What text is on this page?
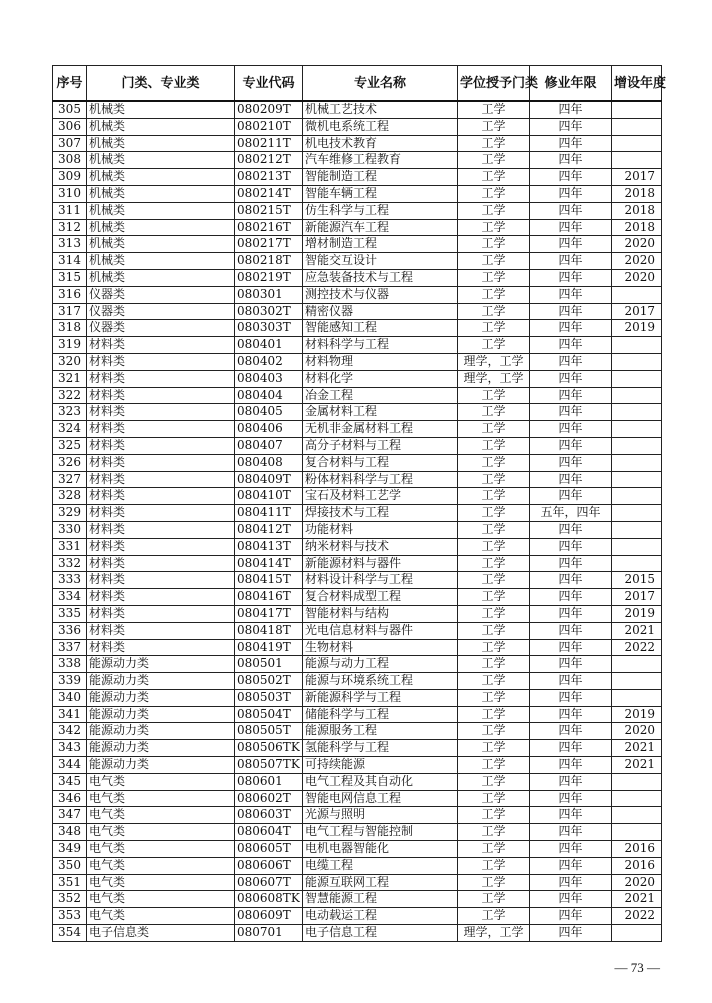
序号	门类、专业类	专业代码	专业名称	学位授予门类	修业年限	增设年度
305	机械类	080209T	机械工艺技术	工学	四年	
306	机械类	080210T	微机电系统工程	工学	四年	
307	机械类	080211T	机电技术教育	工学	四年	
308	机械类	080212T	汽车维修工程教育	工学	四年	
309	机械类	080213T	智能制造工程	工学	四年	2017
310	机械类	080214T	智能车辆工程	工学	四年	2018
311	机械类	080215T	仿生科学与工程	工学	四年	2018
312	机械类	080216T	新能源汽车工程	工学	四年	2018
313	机械类	080217T	增材制造工程	工学	四年	2020
314	机械类	080218T	智能交互设计	工学	四年	2020
315	机械类	080219T	应急装备技术与工程	工学	四年	2020
316	仪器类	080301	测控技术与仪器	工学	四年	
317	仪器类	080302T	精密仪器	工学	四年	2017
318	仪器类	080303T	智能感知工程	工学	四年	2019
319	材料类	080401	材料科学与工程	工学	四年	
320	材料类	080402	材料物理	理学，工学	四年	
321	材料类	080403	材料化学	理学，工学	四年	
322	材料类	080404	冶金工程	工学	四年	
323	材料类	080405	金属材料工程	工学	四年	
324	材料类	080406	无机非金属材料工程	工学	四年	
325	材料类	080407	高分子材料与工程	工学	四年	
326	材料类	080408	复合材料与工程	工学	四年	
327	材料类	080409T	粉体材料科学与工程	工学	四年	
328	材料类	080410T	宝石及材料工艺学	工学	四年	
329	材料类	080411T	焊接技术与工程	工学	五年，四年	
330	材料类	080412T	功能材料	工学	四年	
331	材料类	080413T	纳米材料与技术	工学	四年	
332	材料类	080414T	新能源材料与器件	工学	四年	
333	材料类	080415T	材料设计科学与工程	工学	四年	2015
334	材料类	080416T	复合材料成型工程	工学	四年	2017
335	材料类	080417T	智能材料与结构	工学	四年	2019
336	材料类	080418T	光电信息材料与器件	工学	四年	2021
337	材料类	080419T	生物材料	工学	四年	2022
338	能源动力类	080501	能源与动力工程	工学	四年	
339	能源动力类	080502T	能源与环境系统工程	工学	四年	
340	能源动力类	080503T	新能源科学与工程	工学	四年	
341	能源动力类	080504T	储能科学与工程	工学	四年	2019
342	能源动力类	080505T	能源服务工程	工学	四年	2020
343	能源动力类	080506TK	氢能科学与工程	工学	四年	2021
344	能源动力类	080507TK	可持续能源	工学	四年	2021
345	电气类	080601	电气工程及其自动化	工学	四年	
346	电气类	080602T	智能电网信息工程	工学	四年	
347	电气类	080603T	光源与照明	工学	四年	
348	电气类	080604T	电气工程与智能控制	工学	四年	
349	电气类	080605T	电机电器智能化	工学	四年	2016
350	电气类	080606T	电缆工程	工学	四年	2016
351	电气类	080607T	能源互联网工程	工学	四年	2020
352	电气类	080608TK	智慧能源工程	工学	四年	2021
353	电气类	080609T	电动载运工程	工学	四年	2022
354	电子信息类	080701	电子信息工程	理学，工学	四年	
— 73 —
